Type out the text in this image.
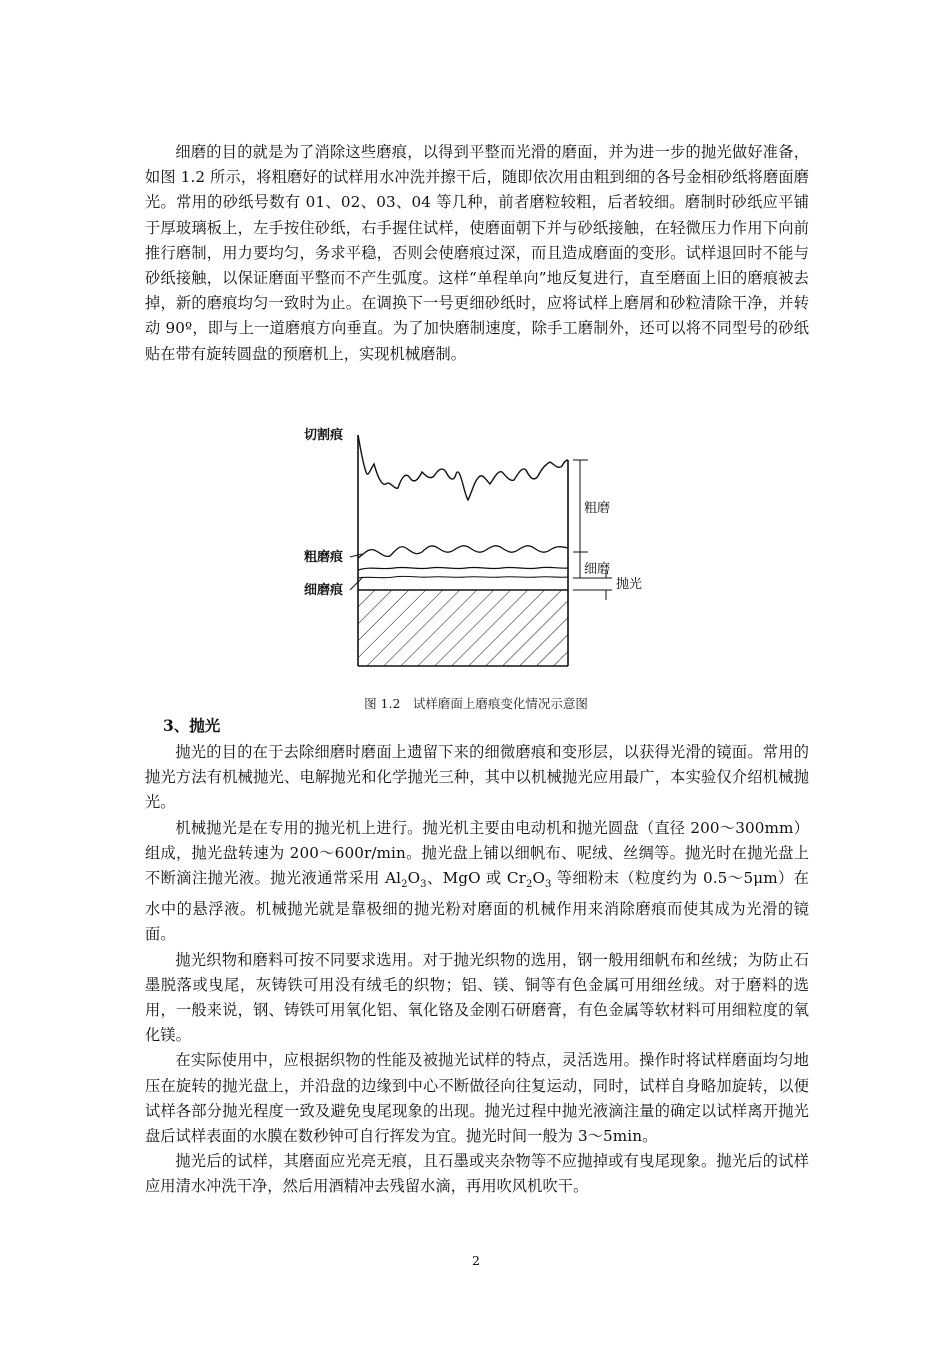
细磨的目的就是为了消除这些磨痕，以得到平整而光滑的磨面，并为进一步的抛光做好准备，如图 1.2 所示，将粗磨好的试样用水冲洗并擦干后，随即依次用由粗到细的各号金相砂纸将磨面磨光。常用的砂纸号数有 01、02、03、04 等几种，前者磨粒较粗，后者较细。磨制时砂纸应平铺于厚玻璃板上，左手按住砂纸，右手握住试样，使磨面朝下并与砂纸接触，在轻微压力作用下向前推行磨制，用力要均匀，务求平稳，否则会使磨痕过深，而且造成磨面的变形。试样退回时不能与砂纸接触，以保证磨面平整而不产生弧度。这样“单程单向”地反复进行，直至磨面上旧的磨痕被去掉，新的磨痕均匀一致时为止。在调换下一号更细砂纸时，应将试样上磨屑和砂粒清除干净，并转动 90º，即与上一道磨痕方向垂直。为了加快磨制速度，除手工磨制外，还可以将不同型号的砂纸贴在带有旋转圆盘的预磨机上，实现机械磨制。

切割痕
粗磨痕
细磨痕
粗磨
细磨
抛光
图 1.2　试样磨面上磨痕变化情况示意图

3、抛光

抛光的目的在于去除细磨时磨面上遗留下来的细微磨痕和变形层，以获得光滑的镜面。常用的抛光方法有机械抛光、电解抛光和化学抛光三种，其中以机械抛光应用最广，本实验仅介绍机械抛光。

机械抛光是在专用的抛光机上进行。抛光机主要由电动机和抛光圆盘（直径 200～300mm）组成，抛光盘转速为 200～600r/min。抛光盘上铺以细帆布、呢绒、丝绸等。抛光时在抛光盘上不断滴注抛光液。抛光液通常采用 $Al_2O_3$、MgO 或 $Cr_2O_3$ 等细粉末（粒度约为 0.5～5μm）在水中的悬浮液。机械抛光就是靠极细的抛光粉对磨面的机械作用来消除磨痕而使其成为光滑的镜面。

抛光织物和磨料可按不同要求选用。对于抛光织物的选用，钢一般用细帆布和丝绒；为防止石墨脱落或曳尾，灰铸铁可用没有绒毛的织物；铝、镁、铜等有色金属可用细丝绒。对于磨料的选用，一般来说，钢、铸铁可用氧化铝、氧化铬及金刚石研磨膏，有色金属等软材料可用细粒度的氧化镁。

在实际使用中，应根据织物的性能及被抛光试样的特点，灵活选用。操作时将试样磨面均匀地压在旋转的抛光盘上，并沿盘的边缘到中心不断做径向往复运动，同时，试样自身略加旋转，以便试样各部分抛光程度一致及避免曳尾现象的出现。抛光过程中抛光液滴注量的确定以试样离开抛光盘后试样表面的水膜在数秒钟可自行挥发为宜。抛光时间一般为 3～5min。

抛光后的试样，其磨面应光亮无痕，且石墨或夹杂物等不应抛掉或有曳尾现象。抛光后的试样应用清水冲洗干净，然后用酒精冲去残留水滴，再用吹风机吹干。

2
